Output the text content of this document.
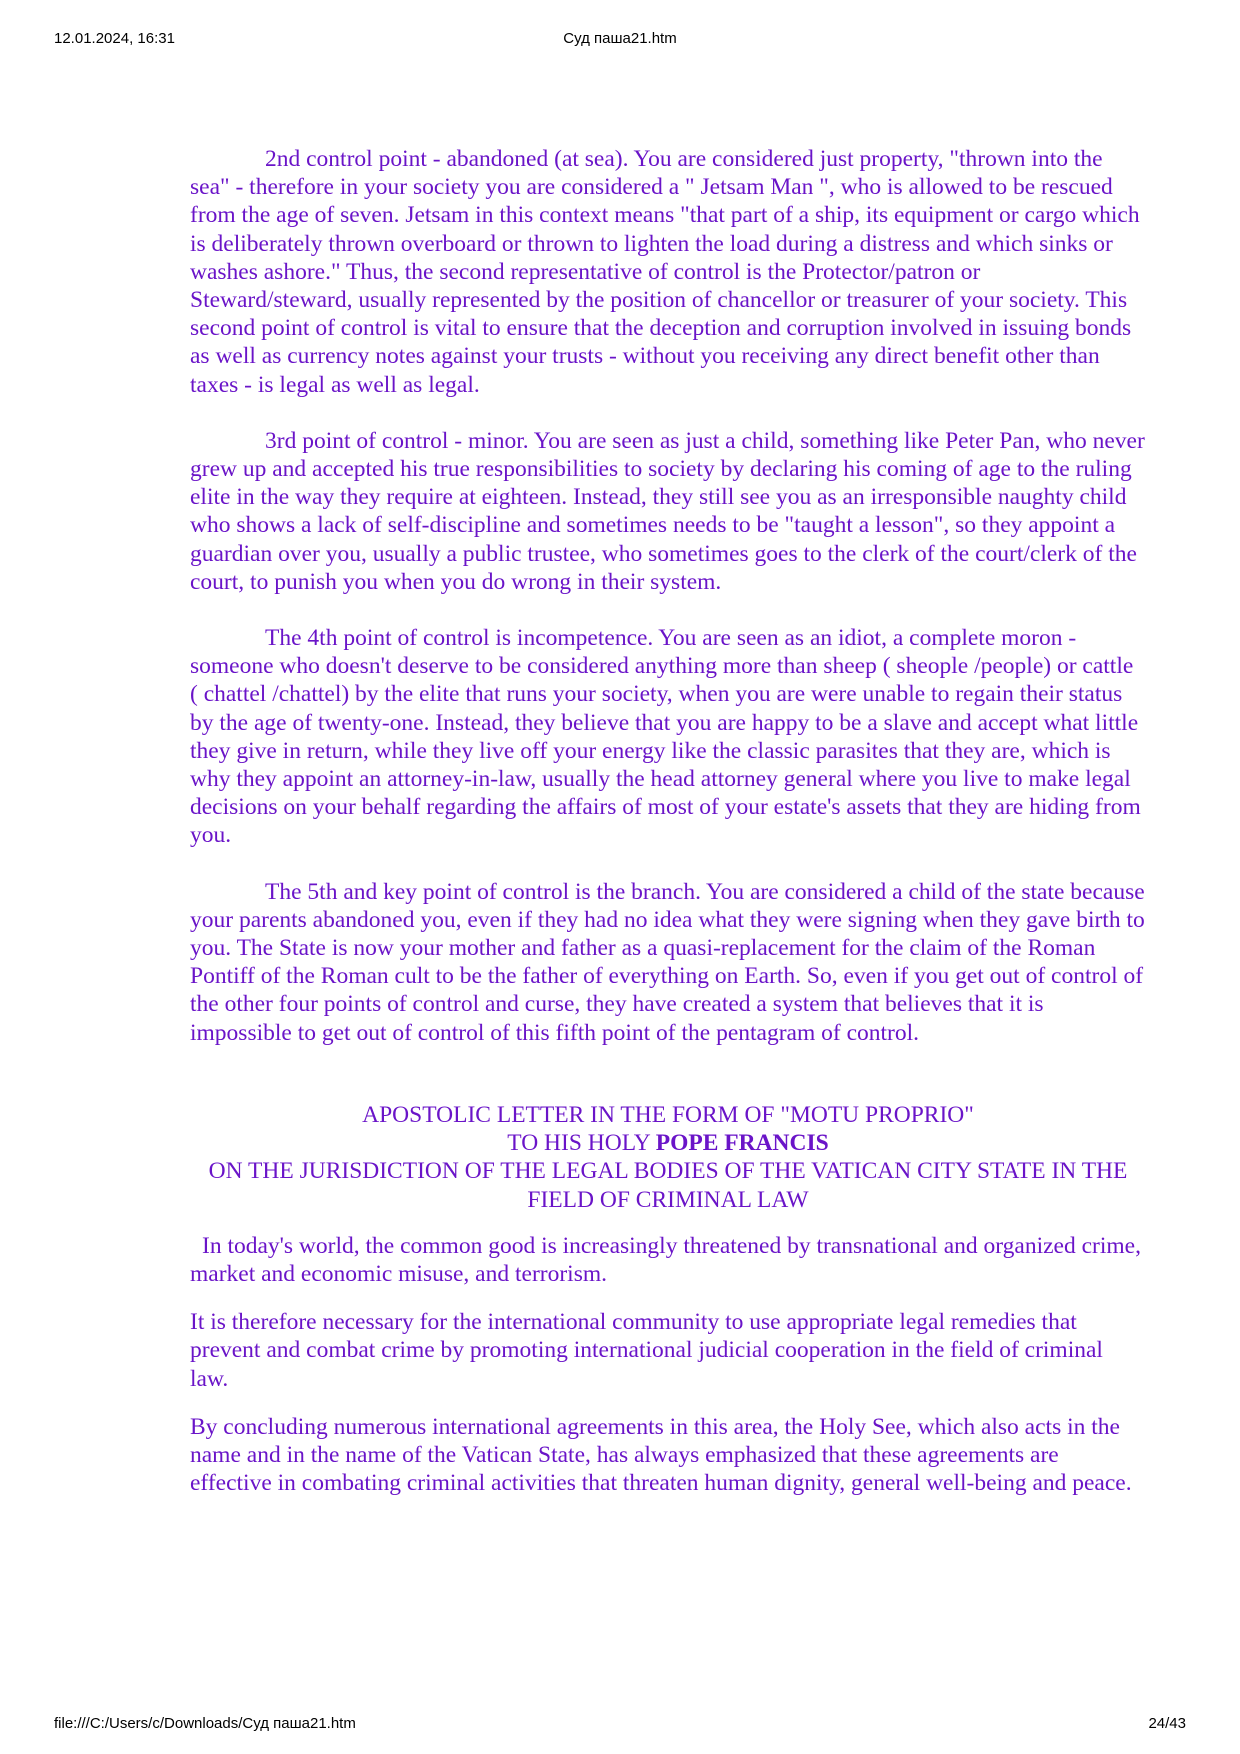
12.01.2024, 16:31	Суд паша21.htm

2nd control point - abandoned (at sea). You are considered just property, "thrown into the sea" - therefore in your society you are considered a " Jetsam Man ", who is allowed to be rescued from the age of seven. Jetsam in this context means "that part of a ship, its equipment or cargo which is deliberately thrown overboard or thrown to lighten the load during a distress and which sinks or washes ashore." Thus, the second representative of control is the Protector/patron or Steward/steward, usually represented by the position of chancellor or treasurer of your society. This second point of control is vital to ensure that the deception and corruption involved in issuing bonds as well as currency notes against your trusts - without you receiving any direct benefit other than taxes - is legal as well as legal.

3rd point of control - minor. You are seen as just a child, something like Peter Pan, who never grew up and accepted his true responsibilities to society by declaring his coming of age to the ruling elite in the way they require at eighteen. Instead, they still see you as an irresponsible naughty child who shows a lack of self-discipline and sometimes needs to be "taught a lesson", so they appoint a guardian over you, usually a public trustee, who sometimes goes to the clerk of the court/clerk of the court, to punish you when you do wrong in their system.

The 4th point of control is incompetence. You are seen as an idiot, a complete moron - someone who doesn't deserve to be considered anything more than sheep ( sheople /people) or cattle ( chattel /chattel) by the elite that runs your society, when you are were unable to regain their status by the age of twenty-one. Instead, they believe that you are happy to be a slave and accept what little they give in return, while they live off your energy like the classic parasites that they are, which is why they appoint an attorney-in-law, usually the head attorney general where you live to make legal decisions on your behalf regarding the affairs of most of your estate's assets that they are hiding from you.

The 5th and key point of control is the branch. You are considered a child of the state because your parents abandoned you, even if they had no idea what they were signing when they gave birth to you. The State is now your mother and father as a quasi-replacement for the claim of the Roman Pontiff of the Roman cult to be the father of everything on Earth. So, even if you get out of control of the other four points of control and curse, they have created a system that believes that it is impossible to get out of control of this fifth point of the pentagram of control.

APOSTOLIC LETTER IN THE FORM OF "MOTU PROPRIO"
TO HIS HOLY POPE FRANCIS
ON THE JURISDICTION OF THE LEGAL BODIES OF THE VATICAN CITY STATE IN THE FIELD OF CRIMINAL LAW

In today's world, the common good is increasingly threatened by transnational and organized crime, market and economic misuse, and terrorism.

It is therefore necessary for the international community to use appropriate legal remedies that prevent and combat crime by promoting international judicial cooperation in the field of criminal law.

By concluding numerous international agreements in this area, the Holy See, which also acts in the name and in the name of the Vatican State, has always emphasized that these agreements are effective in combating criminal activities that threaten human dignity, general well-being and peace.

file:///C:/Users/c/Downloads/Суд паша21.htm	24/43
